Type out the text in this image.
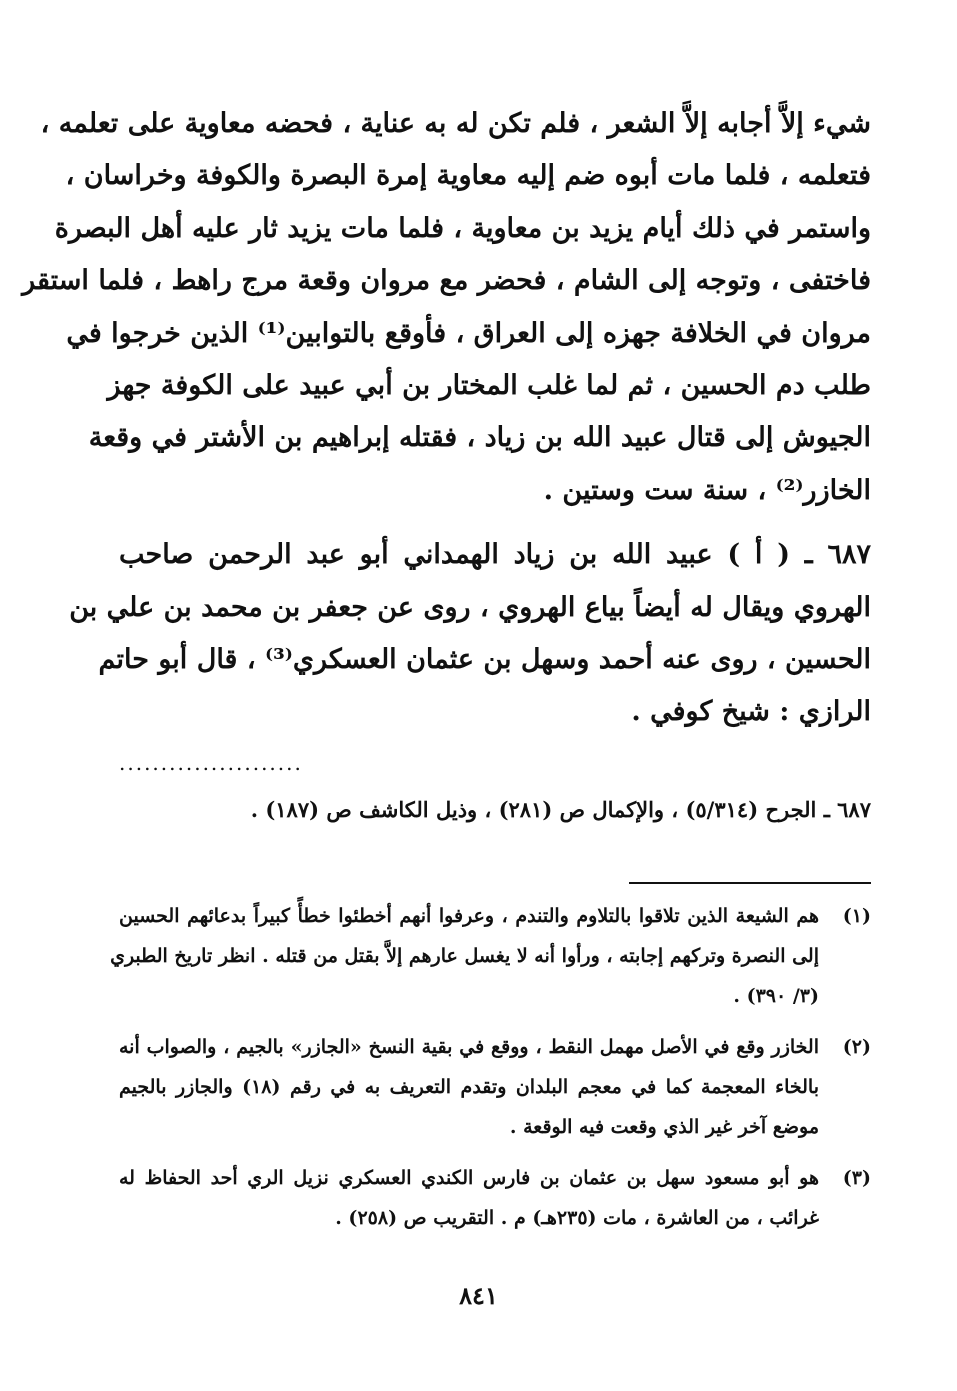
شيء إلاَّ أجابه إلاَّ الشعر ، فلم تكن له به عناية ، فحضه معاوية على تعلمه ،
فتعلمه ، فلما مات أبوه ضم إليه معاوية إمرة البصرة والكوفة وخراسان ،
واستمر في ذلك أيام يزيد بن معاوية ، فلما مات يزيد ثار عليه أهل البصرة
فاختفى ، وتوجه إلى الشام ، فحضر مع مروان وقعة مرج راهط ، فلما استقر
مروان في الخلافة جهزه إلى العراق ، فأوقع بالتوابين⁽¹⁾ الذين خرجوا في
طلب دم الحسين ، ثم لما غلب المختار بن أبي عبيد على الكوفة جهز
الجيوش إلى قتال عبيد الله بن زياد ، فقتله إبراهيم بن الأشتر في وقعة
الخازر⁽²⁾ ، سنة ست وستين .
٦٨٧ ـ ( أ ) عبيد الله بن زياد الهمداني أبو عبد الرحمن صاحب
الهروي ويقال له أيضاً بياع الهروي ، روى عن جعفر بن محمد بن علي بن
الحسين ، روى عنه أحمد وسهل بن عثمان العسكري⁽³⁾ ، قال أبو حاتم
الرازي : شيخ كوفي .
......................
٦٨٧ ـ الجرح (٥/٣١٤) ، والإكمال ص (٢٨١) ، وذيل الكاشف ص (١٨٧) .
(١)
هم الشيعة الذين تلاقوا بالتلاوم والتندم ، وعرفوا أنهم أخطئوا خطأً كبيراً بدعائهم الحسين
إلى النصرة وتركهم إجابته ، ورأوا أنه لا يغسل عارهم إلاَّ بقتل من قتله . انظر تاريخ الطبري
(٣/ ٣٩٠) .
(٢)
الخازر وقع في الأصل مهمل النقط ، ووقع في بقية النسخ «الجازر» بالجيم ، والصواب أنه
بالخاء المعجمة كما في معجم البلدان وتقدم التعريف به في رقم (١٨) والجازر بالجيم
موضع آخر غير الذي وقعت فيه الوقعة .
(٣)
هو أبو مسعود سهل بن عثمان بن فارس الكندي العسكري نزيل الري أحد الحفاظ له
غرائب ، من العاشرة ، مات (٢٣٥هـ) م . التقريب ص (٢٥٨) .
٨٤١
